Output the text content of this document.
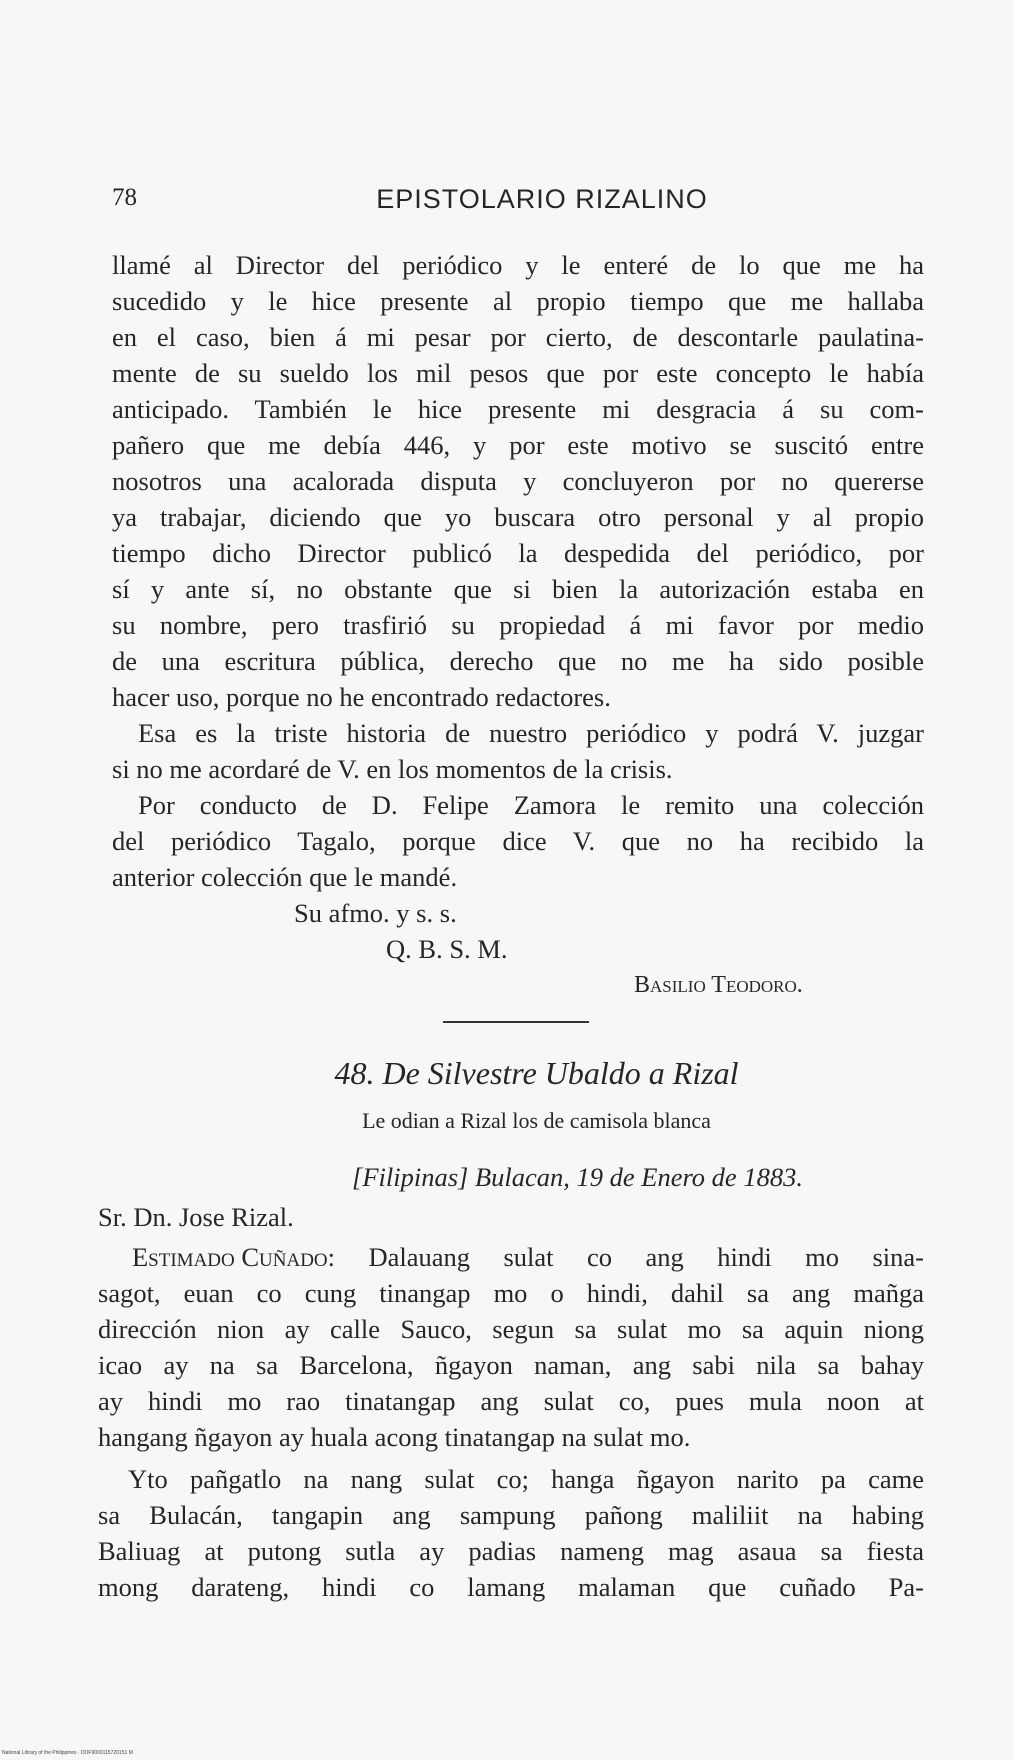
78	EPISTOLARIO RIZALINO
llamé al Director del periódico y le enteré de lo que me ha
sucedido y le hice presente al propio tiempo que me hallaba
en el caso, bien á mi pesar por cierto, de descontarle paulatina-
mente de su sueldo los mil pesos que por este concepto le había
anticipado. También le hice presente mi desgracia á su com-
pañero que me debía 446, y por este motivo se suscitó entre
nosotros una acalorada disputa y concluyeron por no quererse
ya trabajar, diciendo que yo buscara otro personal y al propio
tiempo dicho Director publicó la despedida del periódico, por
sí y ante sí, no obstante que si bien la autorización estaba en
su nombre, pero trasfirió su propiedad á mi favor por medio
de una escritura pública, derecho que no me ha sido posible
hacer uso, porque no he encontrado redactores.
Esa es la triste historia de nuestro periódico y podrá V. juzgar
si no me acordaré de V. en los momentos de la crisis.
Por conducto de D. Felipe Zamora le remito una colección
del periódico Tagalo, porque dice V. que no ha recibido la
anterior colección que le mandé.
Su afmo. y s. s.
Q. B. S. M.
Basilio Teodoro.
48. De Silvestre Ubaldo a Rizal
Le odian a Rizal los de camisola blanca
[Filipinas] Bulacan, 19 de Enero de 1883.
Sr. Dn. Jose Rizal.
Estimado Cuñado : Dalauang sulat co ang hindi mo sina-
sagot, euan co cung tinangap mo o hindi, dahil sa ang mañga
dirección nion ay calle Sauco, segun sa sulat mo sa aquin niong
icao ay na sa Barcelona, ñgayon naman, ang sabi nila sa bahay
ay hindi mo rao tinatangap ang sulat co, pues mula noon at
hangang ñgayon ay huala acong tinatangap na sulat mo.
Yto pañgatlo na nang sulat co; hanga ñgayon narito pa came
sa Bulacán, tangapin ang sampung pañong maliliit na habing
Baliuag at putong sutla ay padias nameng mag asaua sa fiesta
mong darateng, hindi co lamang malaman que cuñado Pa-
National Library of the Philippines · DOF9000115720151 M
